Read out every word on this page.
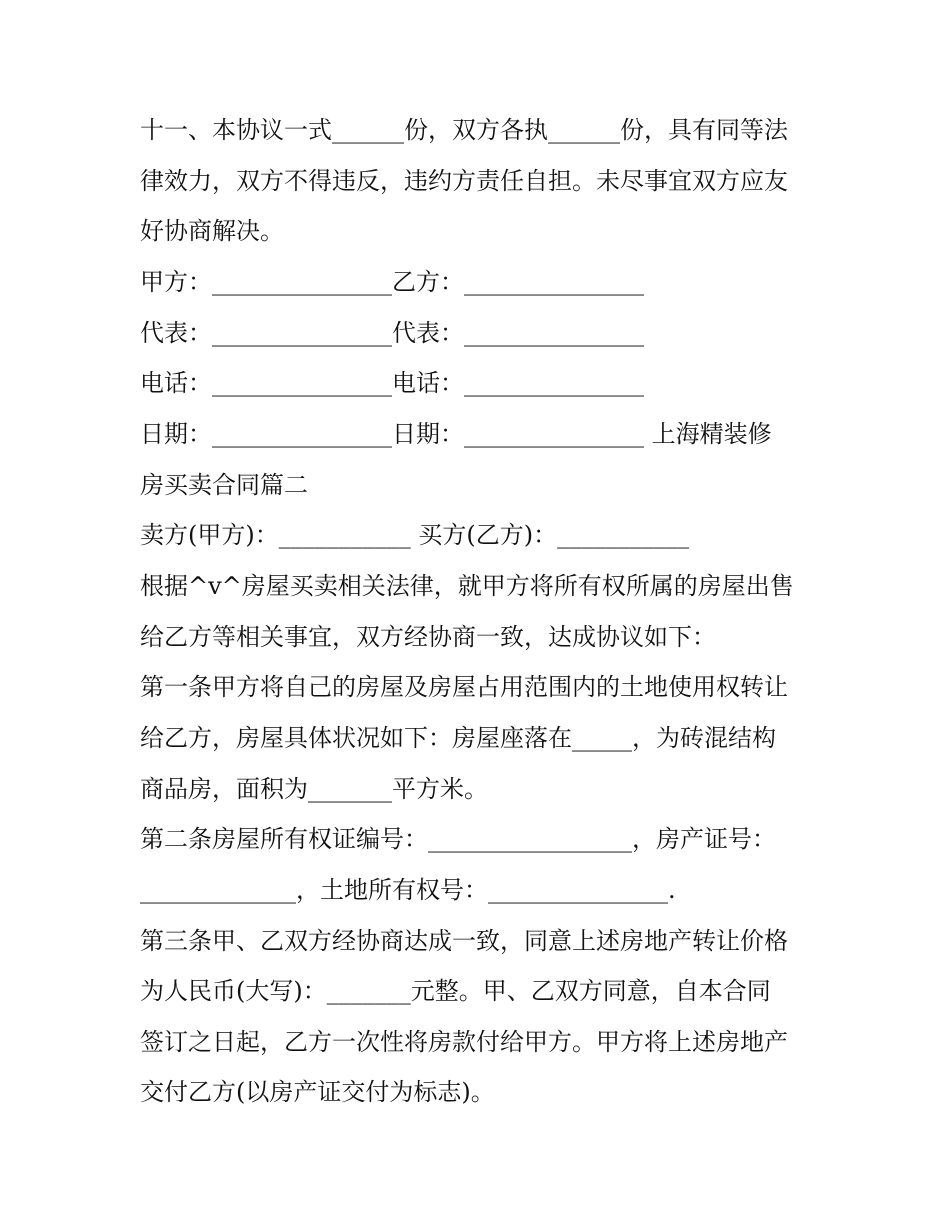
十一、本协议一式______份，双方各执______份，具有同等法

律效力，双方不得违反，违约方责任自担。未尽事宜双方应友

好协商解决。

甲方：_______________乙方：_______________

代表：_______________代表：_______________

电话：_______________电话：_______________

日期：_______________日期：_______________ 上海精装修

房买卖合同篇二

卖方(甲方)：___________ 买方(乙方)：___________

根据^v^房屋买卖相关法律，就甲方将所有权所属的房屋出售

给乙方等相关事宜，双方经协商一致，达成协议如下：

第一条甲方将自己的房屋及房屋占用范围内的土地使用权转让

给乙方，房屋具体状况如下：房屋座落在_____，为砖混结构

商品房，面积为_______平方米。

第二条房屋所有权证编号：_________________，房产证号：

_____________，土地所有权号：_______________.

第三条甲、乙双方经协商达成一致，同意上述房地产转让价格

为人民币(大写)：_______元整。甲、乙双方同意，自本合同

签订之日起，乙方一次性将房款付给甲方。甲方将上述房地产

交付乙方(以房产证交付为标志)。
